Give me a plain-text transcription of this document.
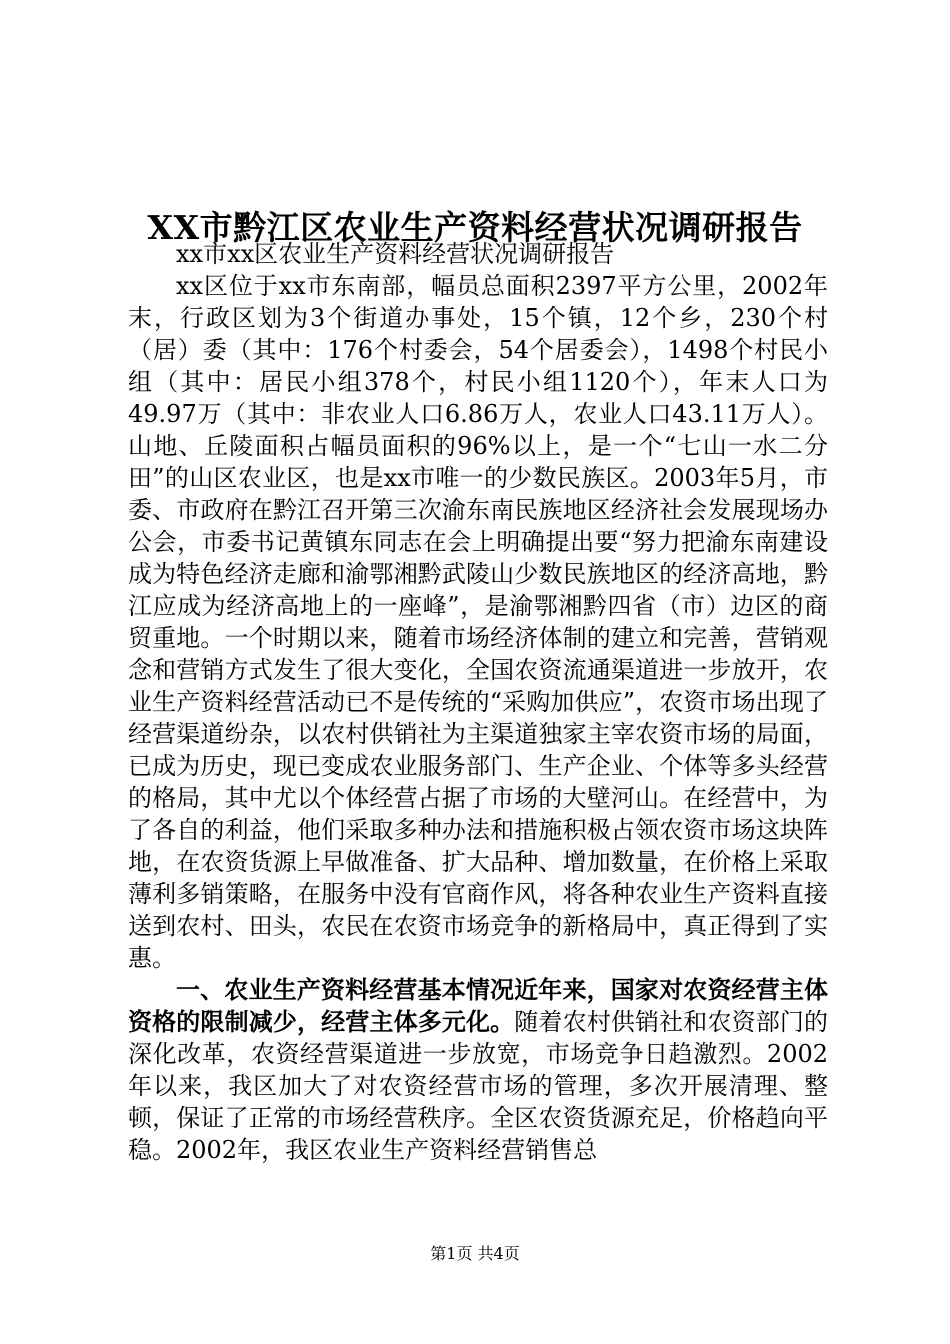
XX市黔江区农业生产资料经营状况调研报告

xx市xx区农业生产资料经营状况调研报告

xx区位于xx市东南部，幅员总面积2397平方公里，2002年末，行政区划为3个街道办事处，15个镇，12个乡，230个村（居）委（其中：176个村委会，54个居委会），1498个村民小组（其中：居民小组378个，村民小组1120个），年末人口为49.97万（其中：非农业人口6.86万人，农业人口43.11万人）。山地、丘陵面积占幅员面积的96%以上，是一个“七山一水二分田”的山区农业区，也是xx市唯一的少数民族区。2003年5月，市委、市政府在黔江召开第三次渝东南民族地区经济社会发展现场办公会，市委书记黄镇东同志在会上明确提出要“努力把渝东南建设成为特色经济走廊和渝鄂湘黔武陵山少数民族地区的经济高地，黔江应成为经济高地上的一座峰”，是渝鄂湘黔四省（市）边区的商贸重地。一个时期以来，随着市场经济体制的建立和完善，营销观念和营销方式发生了很大变化，全国农资流通渠道进一步放开，农业生产资料经营活动已不是传统的“采购加供应”，农资市场出现了经营渠道纷杂，以农村供销社为主渠道独家主宰农资市场的局面，已成为历史，现已变成农业服务部门、生产企业、个体等多头经营的格局，其中尤以个体经营占据了市场的大壁河山。在经营中，为了各自的利益，他们采取多种办法和措施积极占领农资市场这块阵地，在农资货源上早做准备、扩大品种、增加数量，在价格上采取薄利多销策略，在服务中没有官商作风，将各种农业生产资料直接送到农村、田头，农民在农资市场竞争的新格局中，真正得到了实惠。

一、农业生产资料经营基本情况近年来，国家对农资经营主体资格的限制减少，经营主体多元化。随着农村供销社和农资部门的深化改革，农资经营渠道进一步放宽，市场竞争日趋激烈。2002年以来，我区加大了对农资经营市场的管理，多次开展清理、整顿，保证了正常的市场经营秩序。全区农资货源充足，价格趋向平稳。2002年，我区农业生产资料经营销售总

第1页 共4页
